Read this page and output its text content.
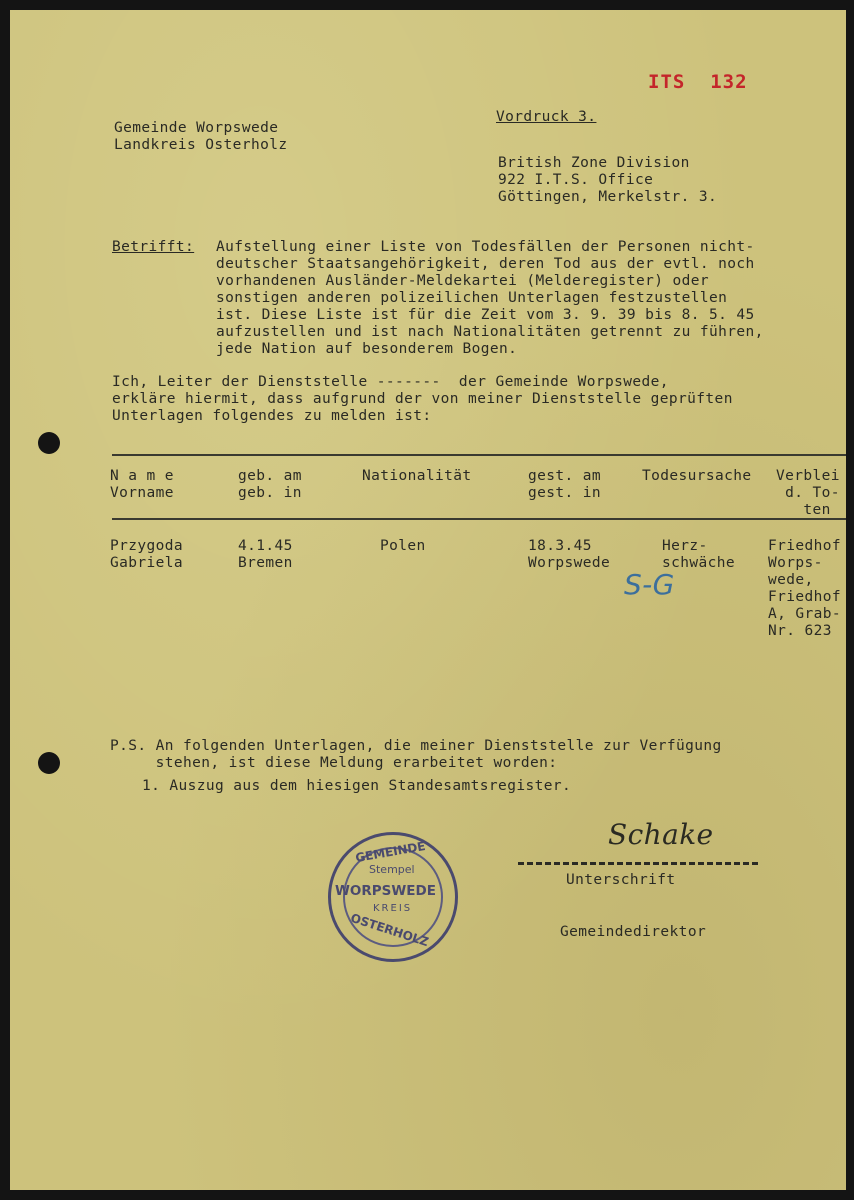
ITS  132
Gemeinde Worpswede
Landkreis Osterholz
Vordruck 3.
British Zone Division
922 I.T.S. Office
Göttingen, Merkelstr. 3.
Betrifft: Aufstellung einer Liste von Todesfällen der Personen nicht-
deutscher Staatsangehörigkeit, deren Tod aus der evtl. noch
vorhandenen Ausländer-Meldekartei (Melderegister) oder
sonstigen anderen polizeilichen Unterlagen festzustellen
ist. Diese Liste ist für die Zeit vom 3. 9. 39 bis 8. 5. 45
aufzustellen und ist nach Nationalitäten getrennt zu führen,
jede Nation auf besonderem Bogen.
Ich, Leiter der Dienststelle -------  der Gemeinde Worpswede,
erkläre hiermit, dass aufgrund der von meiner Dienststelle geprüften
Unterlagen folgendes zu melden ist:
N a m e
Vorname
geb. am
geb. in
Nationalität	gest. am
gest. in
Todesursache Verblei
d. To-
ten
Przygoda
Gabriela
4.1.45
Bremen
Polen	18.3.45
Worpswede
Herz-
schwäche
Friedhof
Worps-
wede,
Friedhof
A, Grab-
Nr. 623
S-G
P.S. An folgenden Unterlagen, die meiner Dienststelle zur Verfügung
stehen, ist diese Meldung erarbeitet worden:
1. Auszug aus dem hiesigen Standesamtsregister.
GEMEINDE
Stempel
WORPSWEDE
KREIS
OSTERHOLZ
Schake
Unterschrift
Gemeindedirektor
